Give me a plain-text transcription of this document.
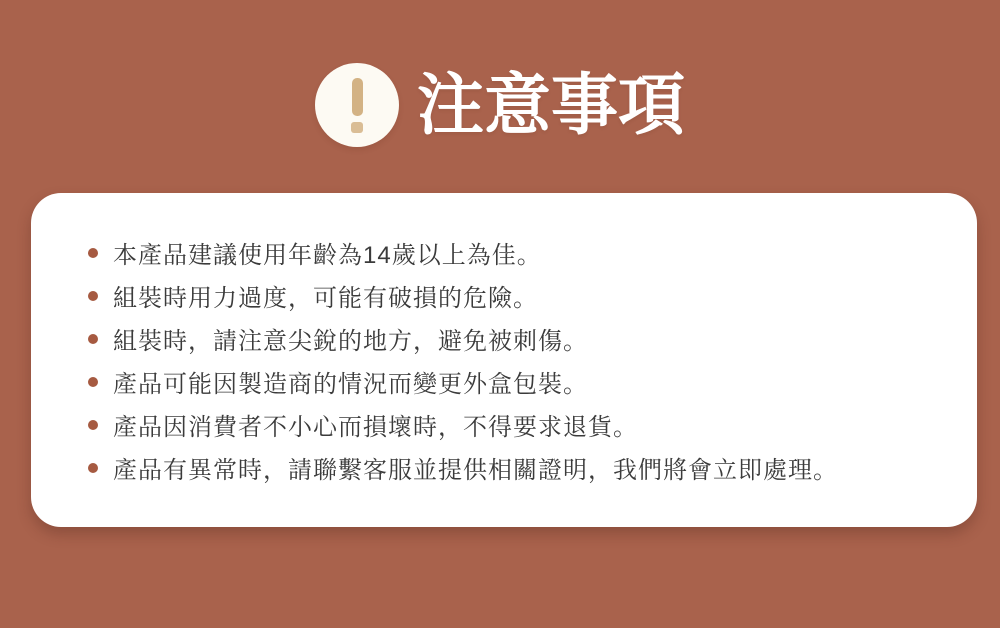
注意事項
本產品建議使用年齡為14歲以上為佳。
組裝時用力過度，可能有破損的危險。
組裝時，請注意尖銳的地方，避免被刺傷。
產品可能因製造商的情況而變更外盒包裝。
產品因消費者不小心而損壞時，不得要求退貨。
產品有異常時，請聯繫客服並提供相關證明，我們將會立即處理。
